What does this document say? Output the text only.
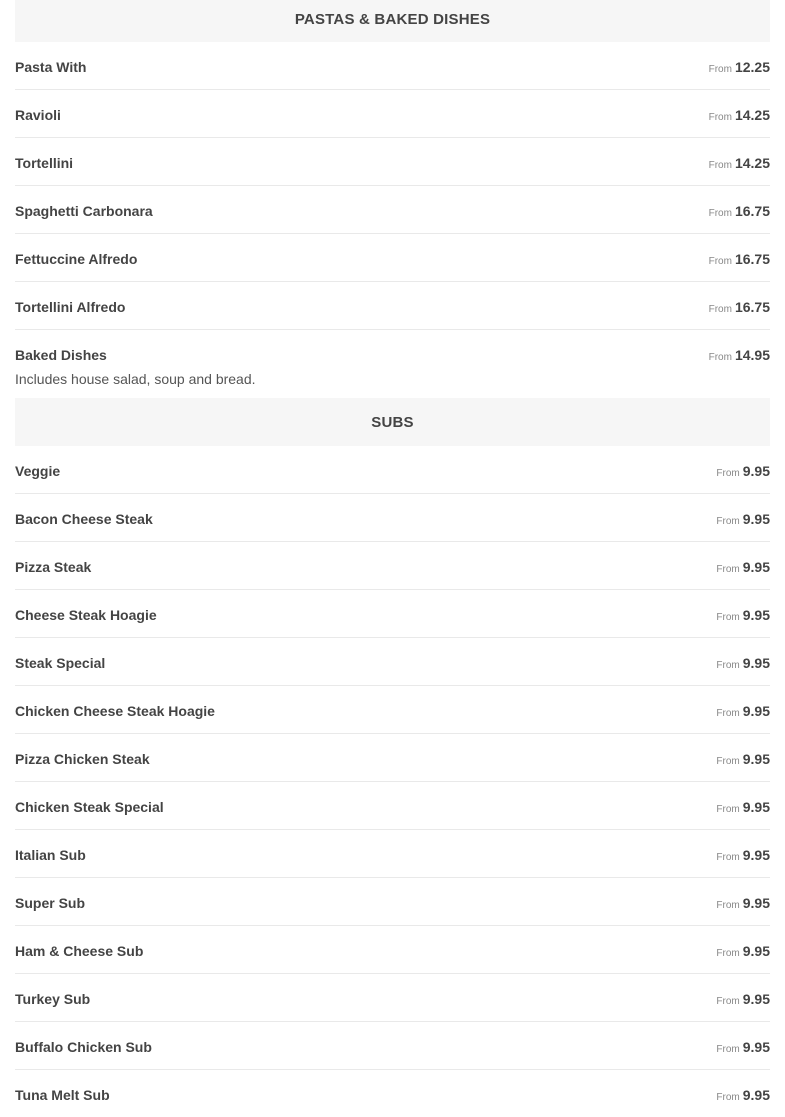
PASTAS & BAKED DISHES
Pasta With	From 12.25
Ravioli	From 14.25
Tortellini	From 14.25
Spaghetti Carbonara	From 16.75
Fettuccine Alfredo	From 16.75
Tortellini Alfredo	From 16.75
Baked Dishes	From 14.95
Includes house salad, soup and bread.
SUBS
Veggie	From 9.95
Bacon Cheese Steak	From 9.95
Pizza Steak	From 9.95
Cheese Steak Hoagie	From 9.95
Steak Special	From 9.95
Chicken Cheese Steak Hoagie	From 9.95
Pizza Chicken Steak	From 9.95
Chicken Steak Special	From 9.95
Italian Sub	From 9.95
Super Sub	From 9.95
Ham & Cheese Sub	From 9.95
Turkey Sub	From 9.95
Buffalo Chicken Sub	From 9.95
Tuna Melt Sub	From 9.95
